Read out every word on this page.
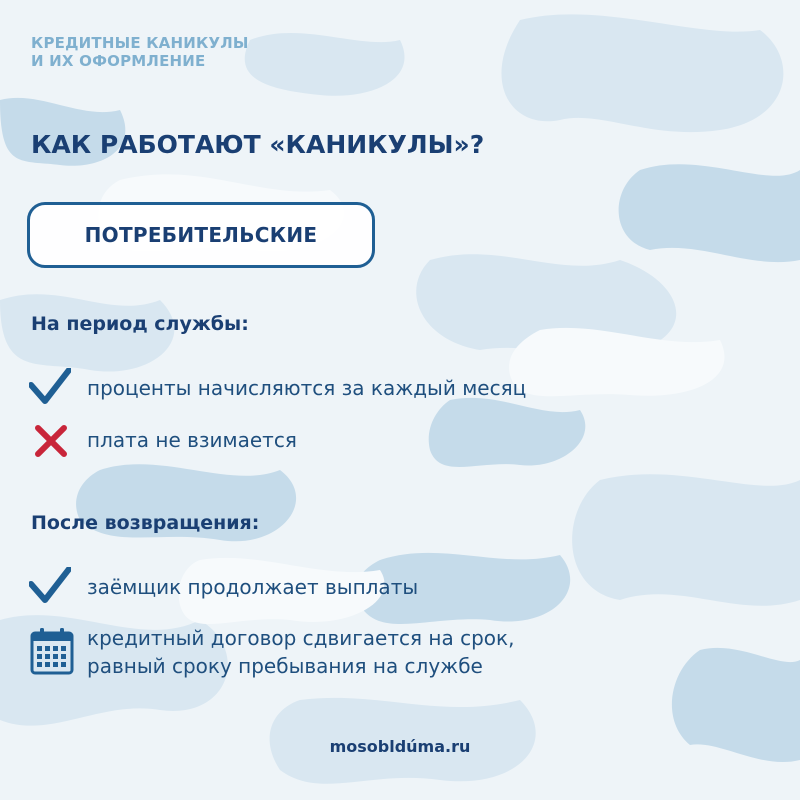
КРЕДИТНЫЕ КАНИКУЛЫ
И ИХ ОФОРМЛЕНИЕ
КАК РАБОТАЮТ «КАНИКУЛЫ»?
ПОТРЕБИТЕЛЬСКИЕ
На период службы:
проценты начисляются за каждый месяц
плата не взимается
После возвращения:
заёмщик продолжает выплаты
кредитный договор сдвигается на срок,
равный сроку пребывания на службе
mosobldúma.ru
